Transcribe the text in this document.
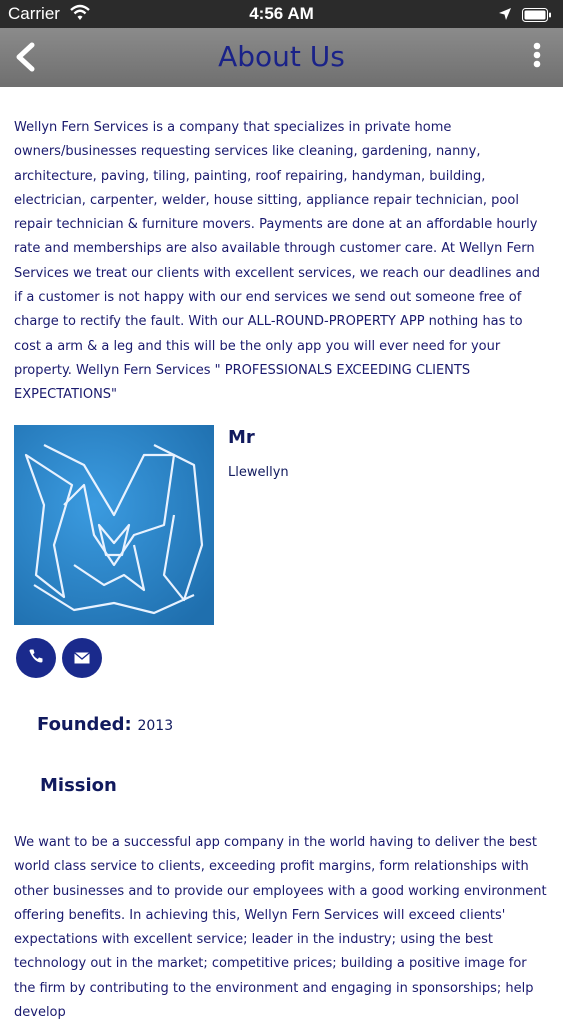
Carrier	4:56 AM
About Us

Wellyn Fern Services is a company that specializes in private home owners/businesses requesting services like cleaning, gardening, nanny, architecture, paving, tiling, painting, roof repairing, handyman, building, electrician, carpenter, welder, house sitting, appliance repair technician, pool repair technician & furniture movers. Payments are done at an affordable hourly rate and memberships are also available through customer care. At Wellyn Fern Services we treat our clients with excellent services, we reach our deadlines and if a customer is not happy with our end services we send out someone free of charge to rectify the fault. With our ALL-ROUND-PROPERTY APP nothing has to cost a arm & a leg and this will be the only app you will ever need for your property. Wellyn Fern Services " PROFESSIONALS EXCEEDING CLIENTS EXPECTATIONS"

Mr
Llewellyn
Founded: 2013
Mission

We want to be a successful app company in the world having to deliver the best world class service to clients, exceeding profit margins, form relationships with other businesses and to provide our employees with a good working environment offering benefits. In achieving this, Wellyn Fern Services will exceed clients' expectations with excellent service; leader in the industry; using the best technology out in the market; competitive prices; building a positive image for the firm by contributing to the environment and engaging in sponsorships; help develop
